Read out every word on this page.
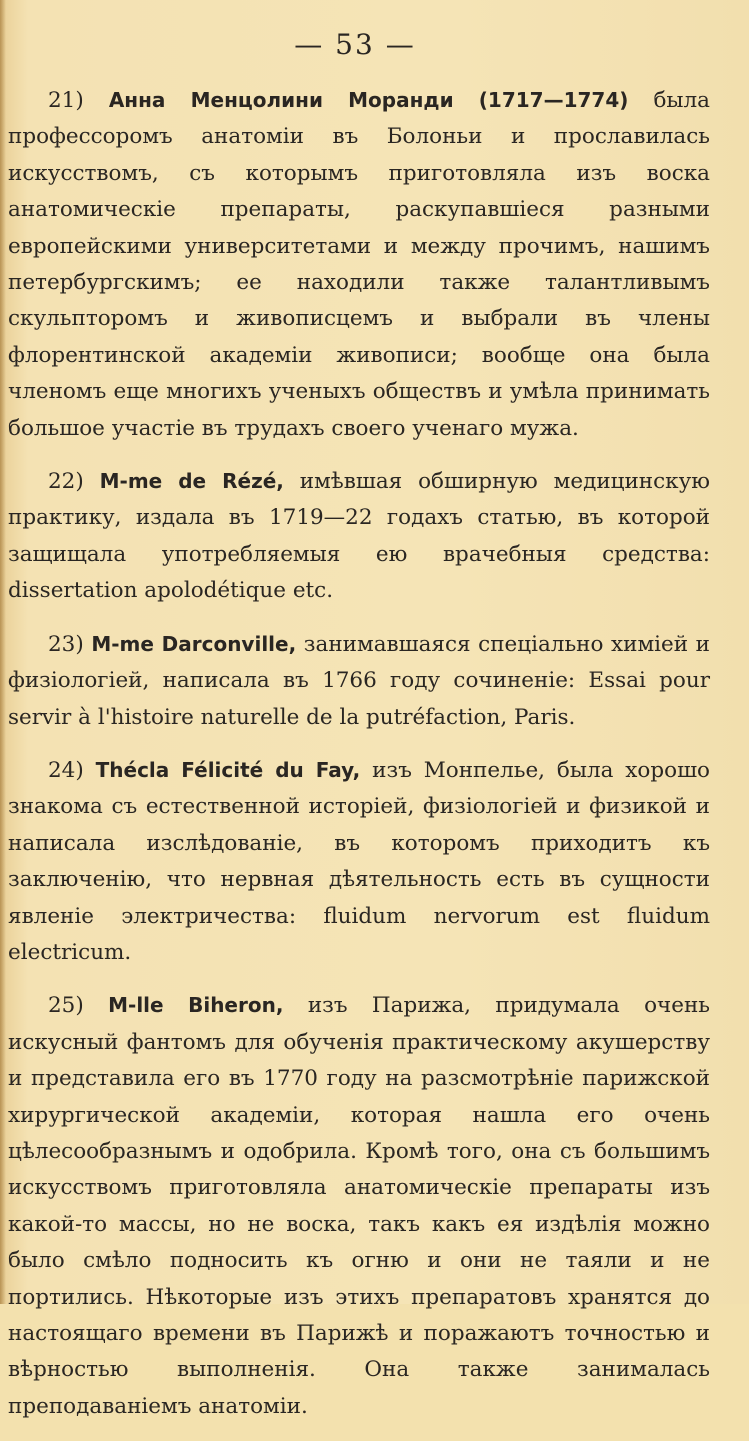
— 53 —

21) Анна Менцолини Моранди (1717—1774) была профессоромъ анатоміи въ Болоньи и прославилась искусствомъ, съ которымъ приготовляла изъ воска анатомическіе препараты, раскупавшіеся разными европейскими университетами и между прочимъ, нашимъ петербургскимъ; ее находили также талантливымъ скульпторомъ и живописцемъ и выбрали въ члены флорентинской академіи живописи; вообще она была членомъ еще многихъ ученыхъ обществъ и умѣла принимать большое участіе въ трудахъ своего ученаго мужа.

22) M-me de Rézé, имѣвшая обширную медицинскую практику, издала въ 1719—22 годахъ статью, въ которой защищала употребляемыя ею врачебныя средства: dissertation apolodétique etc.

23) M-me Darconville, занимавшаяся спеціально химіей и физіологіей, написала въ 1766 году сочиненіе: Essai pour servir à l'histoire naturelle de la putréfaction, Paris.

24) Thécla Félicité du Fay, изъ Монпелье, была хорошо знакома съ естественной исторіей, физіологіей и физикой и написала изслѣдованіе, въ которомъ приходитъ къ заключенію, что нервная дѣятельность есть въ сущности явленіе электричества: fluidum nervorum est fluidum electricum.

25) M-lle Biheron, изъ Парижа, придумала очень искусный фантомъ для обученія практическому акушерству и представила его въ 1770 году на разсмотрѣніе парижской хирургической академіи, которая нашла его очень цѣлесообразнымъ и одобрила. Кромѣ того, она съ большимъ искусствомъ приготовляла анатомическіе препараты изъ какой-то массы, но не воска, такъ какъ ея издѣлія можно было смѣло подносить къ огню и они не таяли и не портились. Нѣкоторые изъ этихъ препаратовъ хранятся до настоящаго времени въ Парижѣ и поражаютъ точностью и вѣрностью выполненія. Она также занималась преподаваніемъ анатоміи.
